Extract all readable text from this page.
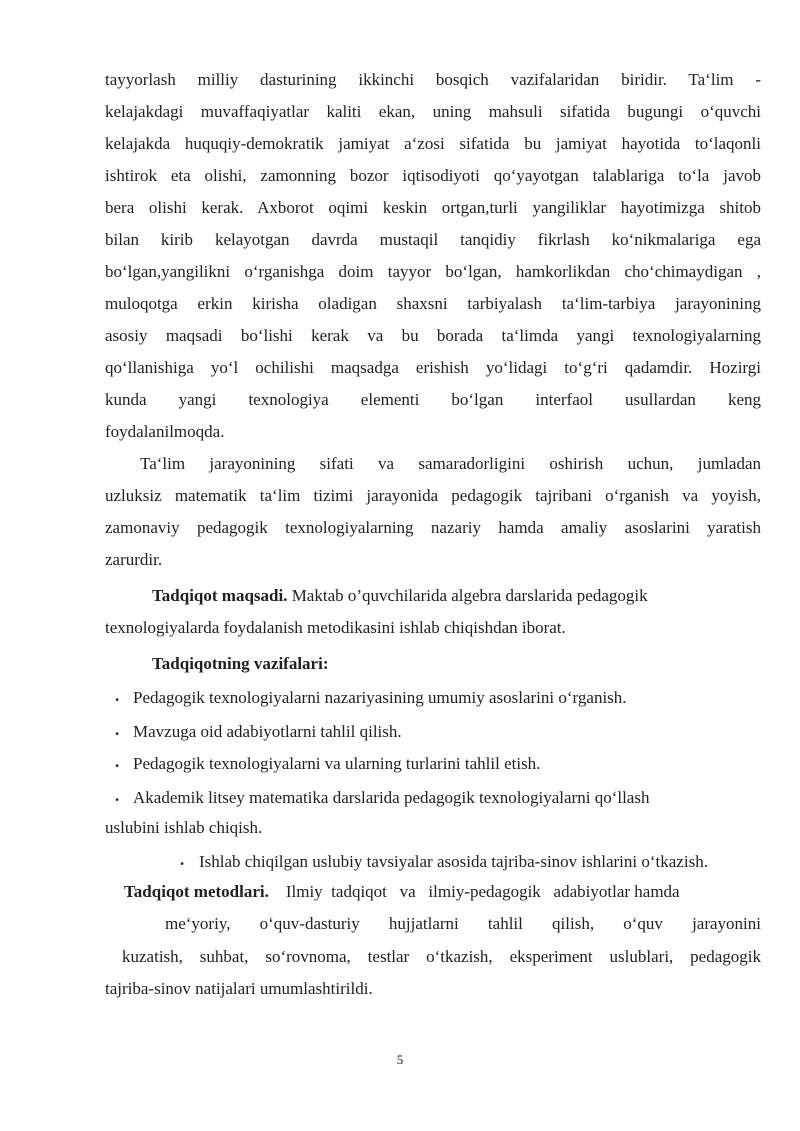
tayyorlash milliy dasturining ikkinchi bosqich vazifalaridan biridir. Ta‘lim -
kelajakdagi muvaffaqiyatlar kaliti ekan, uning mahsuli sifatida bugungi o‘quvchi
kelajakda huquqiy-demokratik jamiyat a‘zosi sifatida bu jamiyat hayotida to‘laqonli
ishtirok eta olishi, zamonning bozor iqtisodiyoti qo‘yayotgan talablariga to‘la javob
bera olishi kerak. Axborot oqimi keskin ortgan,turli yangiliklar hayotimizga shitob
bilan kirib kelayotgan davrda mustaqil tanqidiy fikrlash ko‘nikmalariga ega
bo‘lgan,yangilikni o‘rganishga doim tayyor bo‘lgan, hamkorlikdan cho‘chimaydigan ,
muloqotga erkin kirisha oladigan shaxsni tarbiyalash ta‘lim-tarbiya jarayonining
asosiy maqsadi bo‘lishi kerak va bu borada ta‘limda yangi texnologiyalarning
qo‘llanishiga yo‘l ochilishi maqsadga erishish yo‘lidagi to‘g‘ri qadamdir. Hozirgi
kunda yangi texnologiya elementi bo‘lgan interfaol usullardan keng
foydalanilmoqda.
Ta‘lim jarayonining sifati va samaradorligini oshirish uchun, jumladan
uzluksiz matematik ta‘lim tizimi jarayonida pedagogik tajribani o‘rganish va yoyish,
zamonaviy pedagogik texnologiyalarning nazariy hamda amaliy asoslarini yaratish
zarurdir.
Tadqiqot maqsadi. Maktab o’quvchilarida algebra darslarida pedagogik
texnologiyalarda foydalanish metodikasini ishlab chiqishdan iborat.
Tadqiqotning vazifalari:
. Pedagogik texnologiyalarni nazariyasining umumiy asoslarini o‘rganish.
. Mavzuga oid adabiyotlarni tahlil qilish.
. Pedagogik texnologiyalarni va ularning turlarini tahlil etish.
. Akademik litsey matematika darslarida pedagogik texnologiyalarni qo‘llash
uslubini ishlab chiqish.
. Ishlab chiqilgan uslubiy tavsiyalar asosida tajriba-sinov ishlarini o‘tkazish.
Tadqiqot metodlari.    Ilmiy  tadqiqot   va   ilmiy-pedagogik   adabiyotlar hamda
me‘yoriy, o‘quv-dasturiy hujjatlarni tahlil qilish, o‘quv jarayonini
kuzatish, suhbat, so‘rovnoma, testlar o‘tkazish, eksperiment uslublari, pedagogik
tajriba-sinov natijalari umumlashtirildi.
5
